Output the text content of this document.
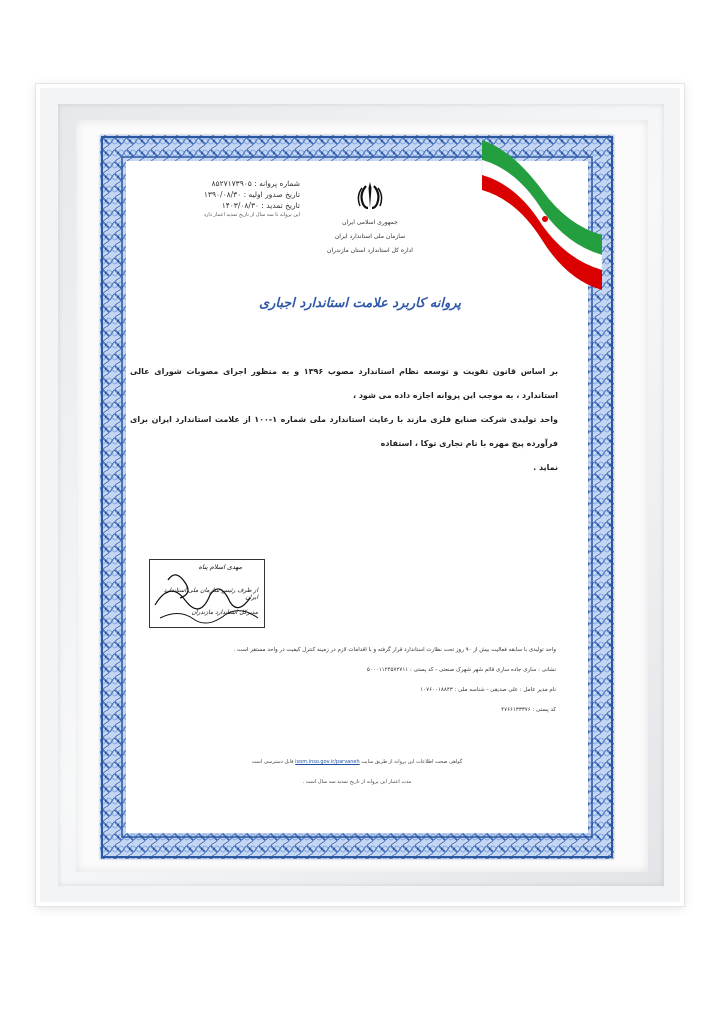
شماره پروانه : ۸۵۲۷۱۷۳۹۰۵
تاریخ صدور اولیه : ۱۳۹۰/۰۸/۳۰
تاریخ تمدید : ۱۴۰۳/۰۸/۳۰
این پروانه تا سه سال از تاریخ تمدید اعتبار دارد
جمهوری اسلامی ایران
سازمان ملی استاندارد ایران
اداره کل استاندارد استان مازندران
پروانه کاربرد علامت استاندارد اجباری

بر اساس قانون تقویت و توسعه نظام استاندارد مصوب ۱۳۹۶ و به منظور اجرای مصوبات شورای عالی استاندارد ، به موجب این پروانه اجازه داده می شود ،

واحد تولیدی شرکت صنایع فلزی مازند با رعایت استاندارد ملی شماره ۱-۱۰۰ از علامت استاندارد ایران برای فرآورده پیچ مهره با نام تجاری توکا ، استفاده

نماید .

مهدی اسلام پناه
از طرف رئیس سازمان ملی استاندارد ایران
مدیرکل استاندارد مازندران
واحد تولیدی با سابقه فعالیت بیش از ۹۰ روز تحت نظارت استاندارد قرار گرفته و با اقدامات لازم در زمینه کنترل کیفیت در واحد مستقر است .
نشانی : ساری جاده ساری قائم شهر شهرک صنعتی - کد پستی : ۵۰۰۰۱۱۲۴۵۷۲۷۱۱
نام مدیر عامل : علی صدیقی - شناسه ملی : ۱۰۷۶۰۰۱۸۸۴۳
کد پستی : ۴۷۶۶۱۳۳۳۷۶
گواهی صحت اطلاعات این پروانه از طریق سایت isom.inso.gov.ir/parvaneh قابل دسترسی است
مدت اعتبار این پروانه از تاریخ تمدید سه سال است .
